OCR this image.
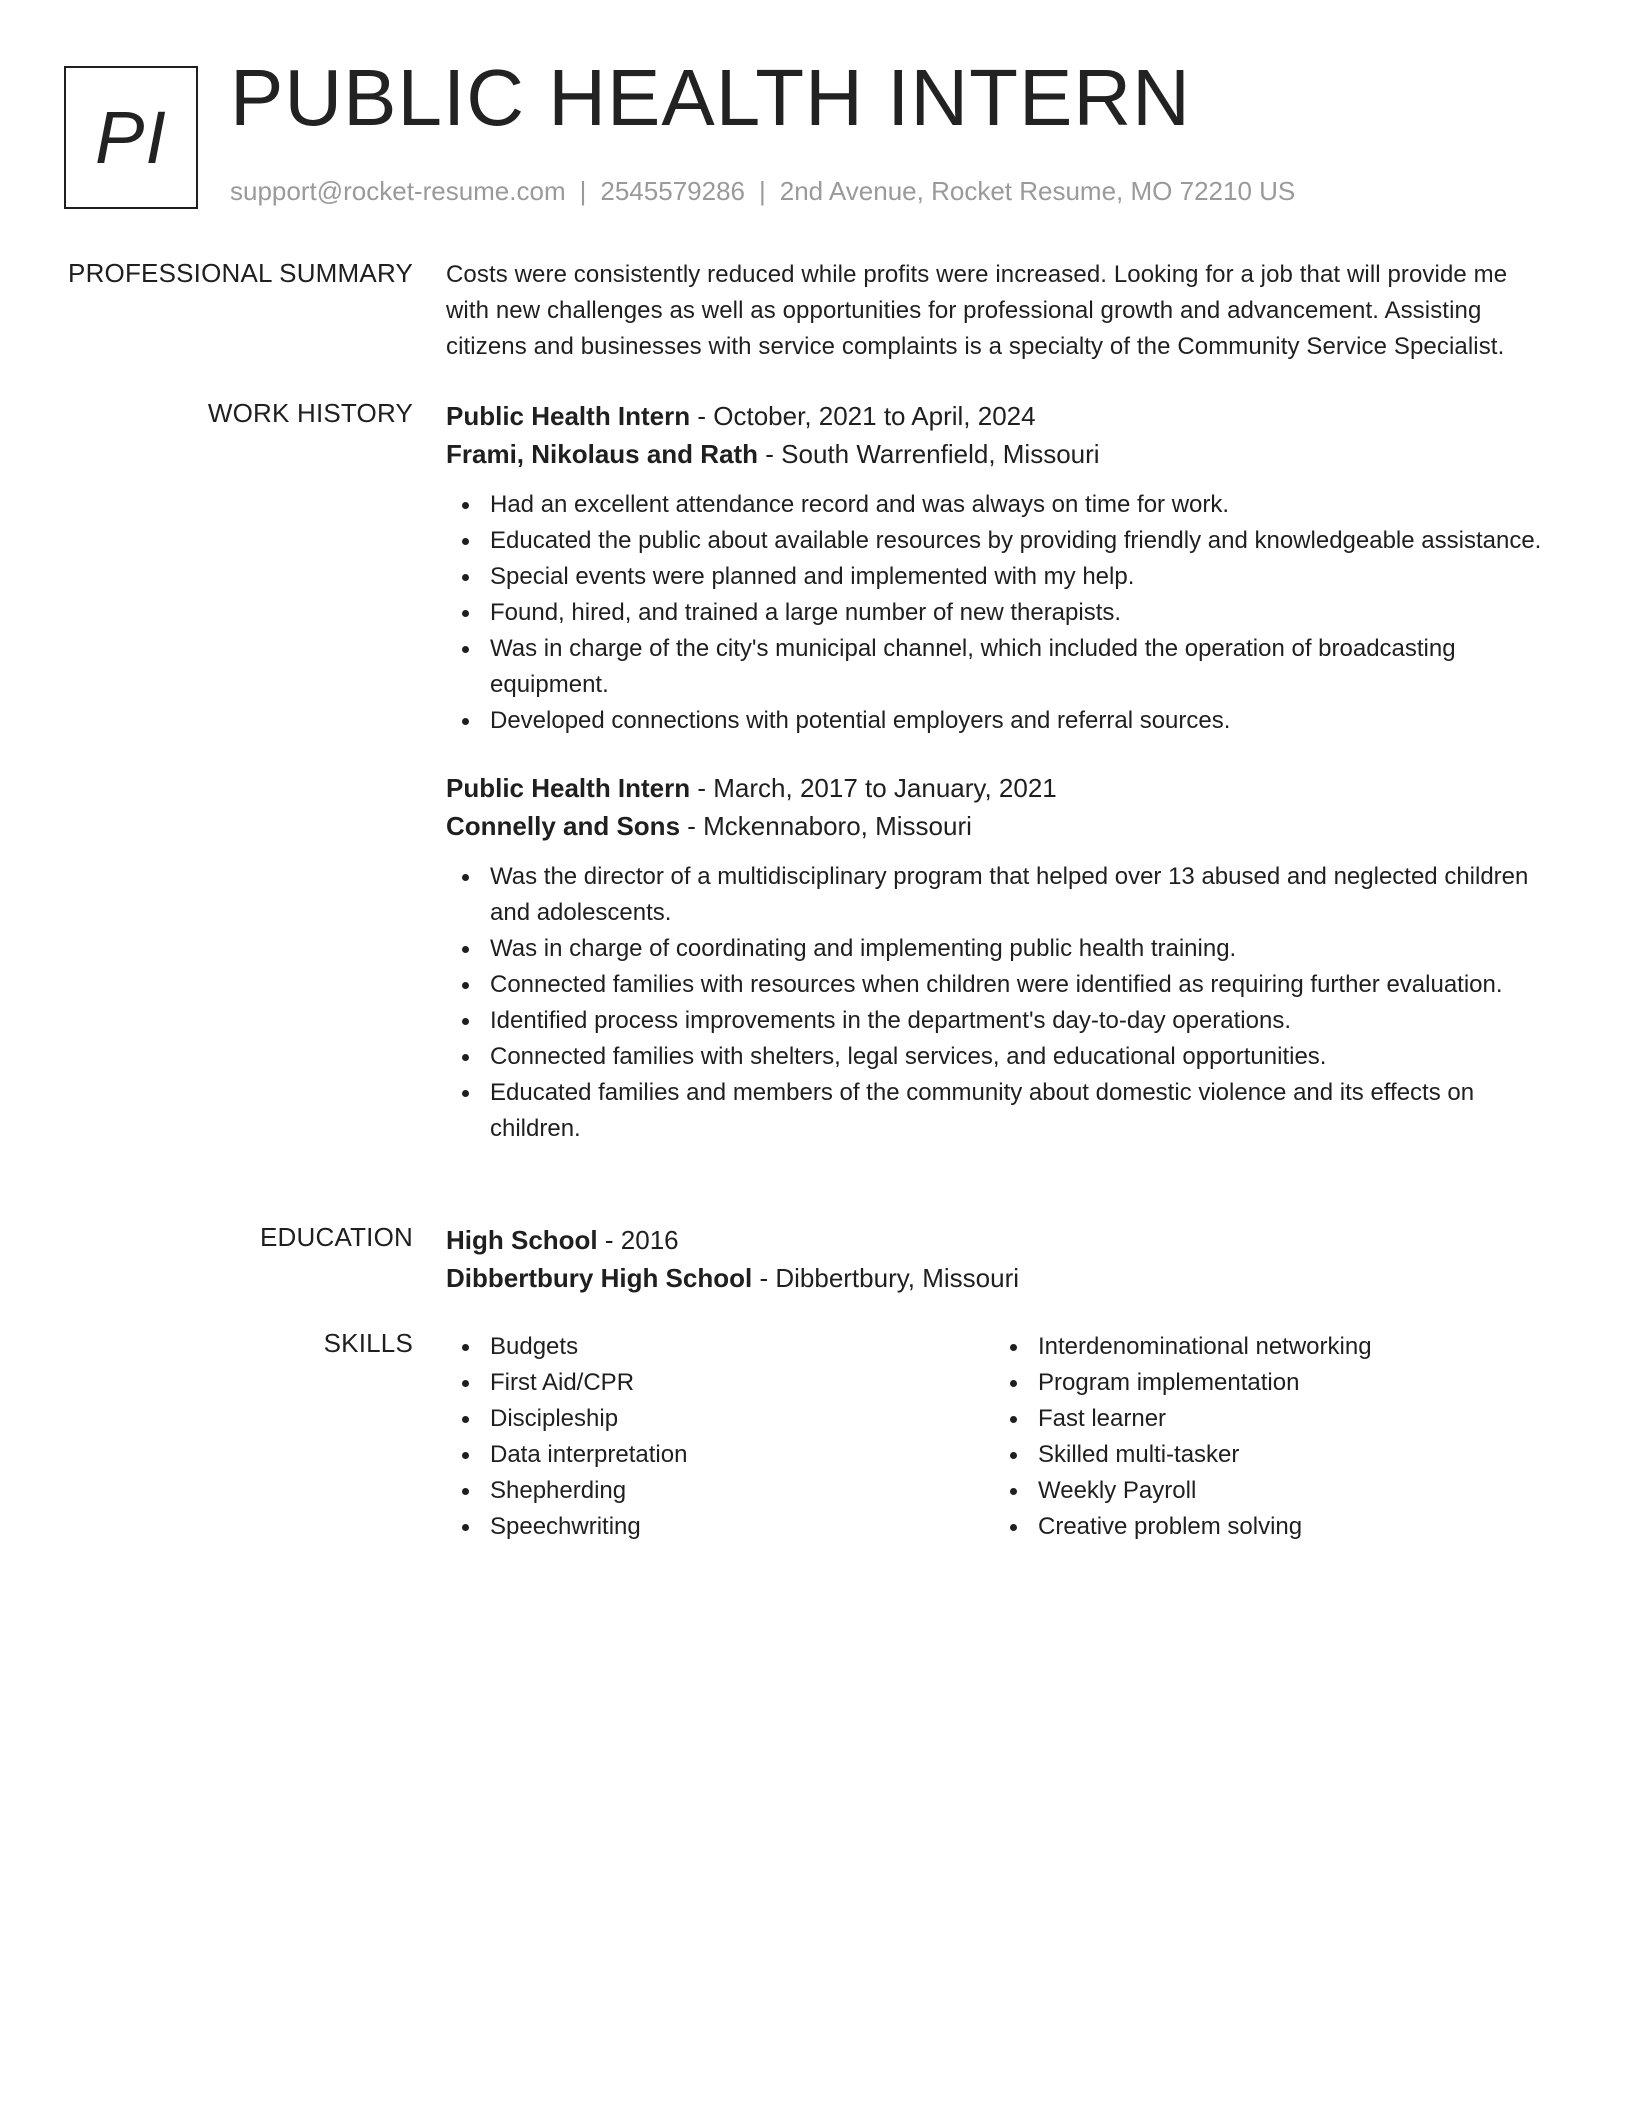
PI PUBLIC HEALTH INTERN
support@rocket-resume.com | 2545579286 | 2nd Avenue, Rocket Resume, MO 72210 US
PROFESSIONAL SUMMARY Costs were consistently reduced while profits were increased. Looking for a job that will provide me with new challenges as well as opportunities for professional growth and advancement. Assisting citizens and businesses with service complaints is a specialty of the Community Service Specialist.
WORK HISTORY Public Health Intern - October, 2021 to April, 2024
Frami, Nikolaus and Rath - South Warrenfield, Missouri
Had an excellent attendance record and was always on time for work.
Educated the public about available resources by providing friendly and knowledgeable assistance.
Special events were planned and implemented with my help.
Found, hired, and trained a large number of new therapists.
Was in charge of the city's municipal channel, which included the operation of broadcasting equipment.
Developed connections with potential employers and referral sources.
Public Health Intern - March, 2017 to January, 2021
Connelly and Sons - Mckennaboro, Missouri
Was the director of a multidisciplinary program that helped over 13 abused and neglected children and adolescents.
Was in charge of coordinating and implementing public health training.
Connected families with resources when children were identified as requiring further evaluation.
Identified process improvements in the department's day-to-day operations.
Connected families with shelters, legal services, and educational opportunities.
Educated families and members of the community about domestic violence and its effects on children.
EDUCATION High School - 2016
Dibbertbury High School - Dibbertbury, Missouri
SKILLS	Budgets
First Aid/CPR
Discipleship
Data interpretation
Shepherding
Speechwriting
Interdenominational networking
Program implementation
Fast learner
Skilled multi-tasker
Weekly Payroll
Creative problem solving
